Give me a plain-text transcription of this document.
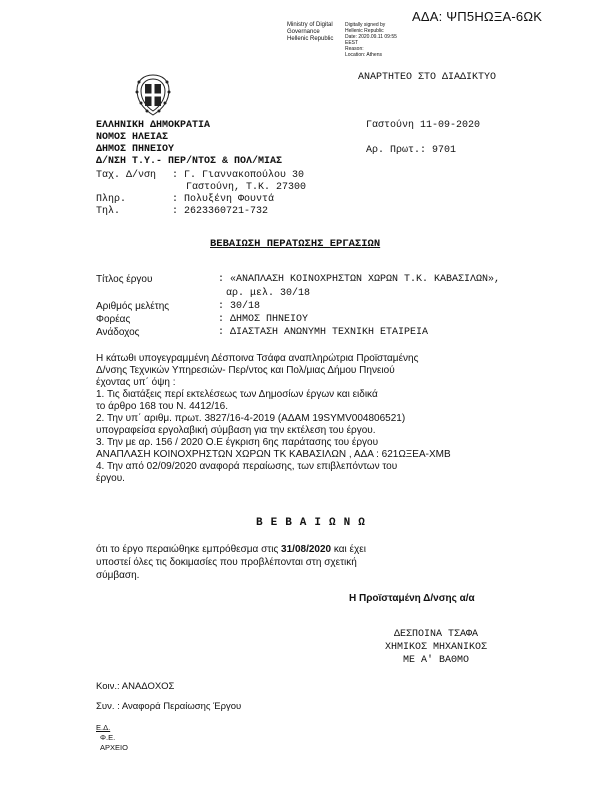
ΑΔΑ: ΨΠ5ΗΩΞΑ-6ΩΚ
Ministry of Digital
Governance
Hellenic Republic
Digitally signed by
Hellenic Republic
Date: 2020.09.11 09:55
EEST
Reason:
Location: Athens
ΑΝΑΡΤΗΤΕΟ ΣΤΟ ΔΙΑΔΙΚΤΥΟ
ΕΛΛΗΝΙΚΗ ΔΗΜΟΚΡΑΤΙΑ
ΝΟΜΟΣ ΗΛΕΙΑΣ
ΔΗΜΟΣ ΠΗΝΕΙΟΥ
Δ/ΝΣΗ Τ.Υ.- ΠΕΡ/ΝΤΟΣ & ΠΟΛ/ΜΙΑΣ
Γαστούνη 11-09-2020
Αρ. Πρωτ.: 9701
Ταχ. Δ/νση : Γ. Γιαννακοπούλου 30
Γαστούνη, Τ.Κ. 27300
Πληρ.	: Πολυξένη Φουντά
Τηλ.	: 2623360721-732
ΒΕΒΑΙΩΣΗ ΠΕΡΑΤΩΣΗΣ ΕΡΓΑΣΙΩΝ
Τίτλος έργου	: «ΑΝΑΠΛΑΣΗ ΚΟΙΝΟΧΡΗΣΤΩΝ ΧΩΡΩΝ Τ.Κ. ΚΑΒΑΣΙΛΩΝ»,
αρ. μελ. 30/18
Αριθμός μελέτης	: 30/18
Φορέας	: ΔΗΜΟΣ ΠΗΝΕΙΟΥ
Ανάδοχος	: ΔΙΑΣΤΑΣΗ ΑΝΩΝΥΜΗ ΤΕΧΝΙΚΗ ΕΤΑΙΡΕΙΑ
Η κάτωθι υπογεγραμμένη Δέσποινα Τσάφα αναπληρώτρια Προϊσταμένης
Δ/νσης Τεχνικών Υπηρεσιών- Περ/ντος και Πολ/μιας Δήμου Πηνειού
έχοντας υπ΄ όψη :
1. Τις διατάξεις περί εκτελέσεως των Δημοσίων έργων και ειδικά
το άρθρο 168 του Ν. 4412/16.
2. Την υπ΄ αριθμ. πρωτ. 3827/16-4-2019 (ΑΔΑΜ 19SYMV004806521)
υπογραφείσα εργολαβική σύμβαση για την εκτέλεση του έργου.
3. Την με αρ. 156 / 2020 Ο.Ε έγκριση 6ης παράτασης του έργου
ΑΝΑΠΛΑΣΗ ΚΟΙΝΟΧΡΗΣΤΩΝ ΧΩΡΩΝ ΤΚ ΚΑΒΑΣΙΛΩΝ , ΑΔΑ : 621ΩΞΕΑ-ΧΜΒ
4. Την από 02/09/2020 αναφορά περαίωσης, των επιβλεπόντων του
έργου.
ΒΕΒΑΙΩΝΩ
ότι το έργο περαιώθηκε εμπρόθεσμα στις 31/08/2020 και έχει
υποστεί όλες τις δοκιμασίες που προβλέπονται στη σχετική
σύμβαση.
Η Προϊσταμένη Δ/νσης α/α
ΔΕΣΠΟΙΝΑ ΤΣΑΦΑ
ΧΗΜΙΚΟΣ ΜΗΧΑΝΙΚΟΣ
ΜΕ Α' ΒΑΘΜΟ
Κοιν.: ΑΝΑΔΟΧΟΣ
Συν. : Αναφορά Περαίωσης Έργου
Ε.Δ.
Φ.Ε.
ΑΡΧΕΙΟ
